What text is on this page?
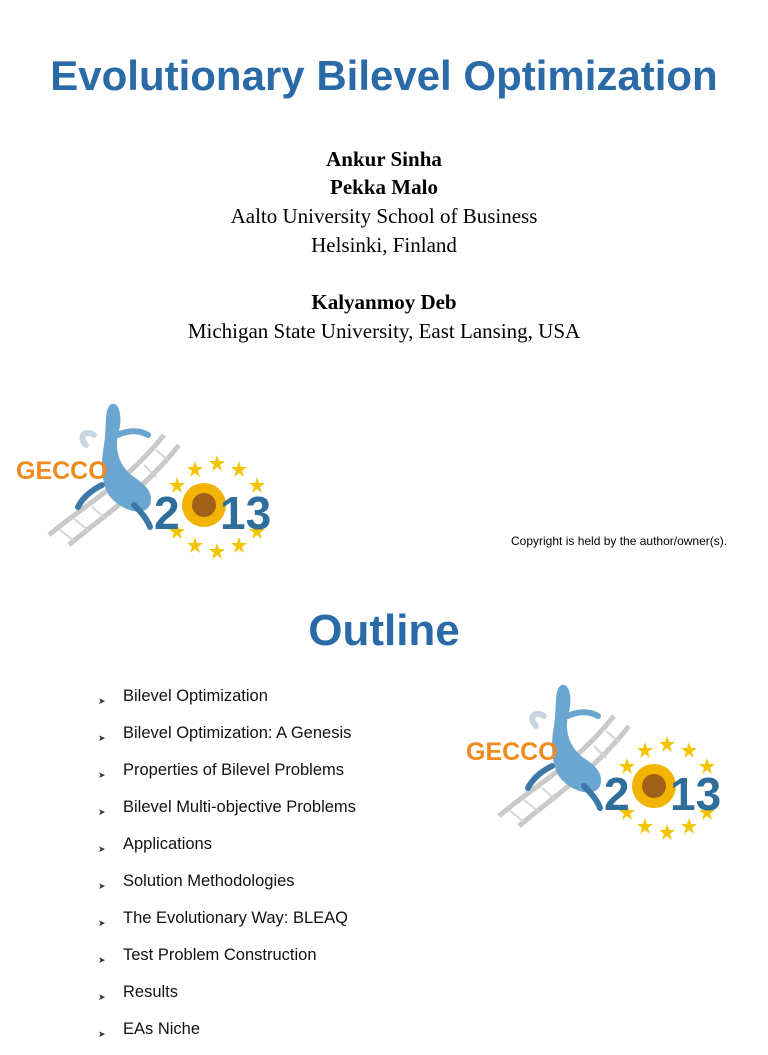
Evolutionary Bilevel Optimization
Ankur Sinha
Pekka Malo
Aalto University School of Business
Helsinki, Finland
Kalyanmoy Deb
Michigan State University, East Lansing, USA
GECCO
2 13
Copyright is held by the author/owner(s).
Outline
➤ Bilevel Optimization
➤ Bilevel Optimization: A Genesis
➤ Properties of Bilevel Problems
➤ Bilevel Multi-objective Problems
➤ Applications
➤ Solution Methodologies
➤ The Evolutionary Way: BLEAQ
➤ Test Problem Construction
➤ Results
➤ EAs Niche
GECCO
2 13
